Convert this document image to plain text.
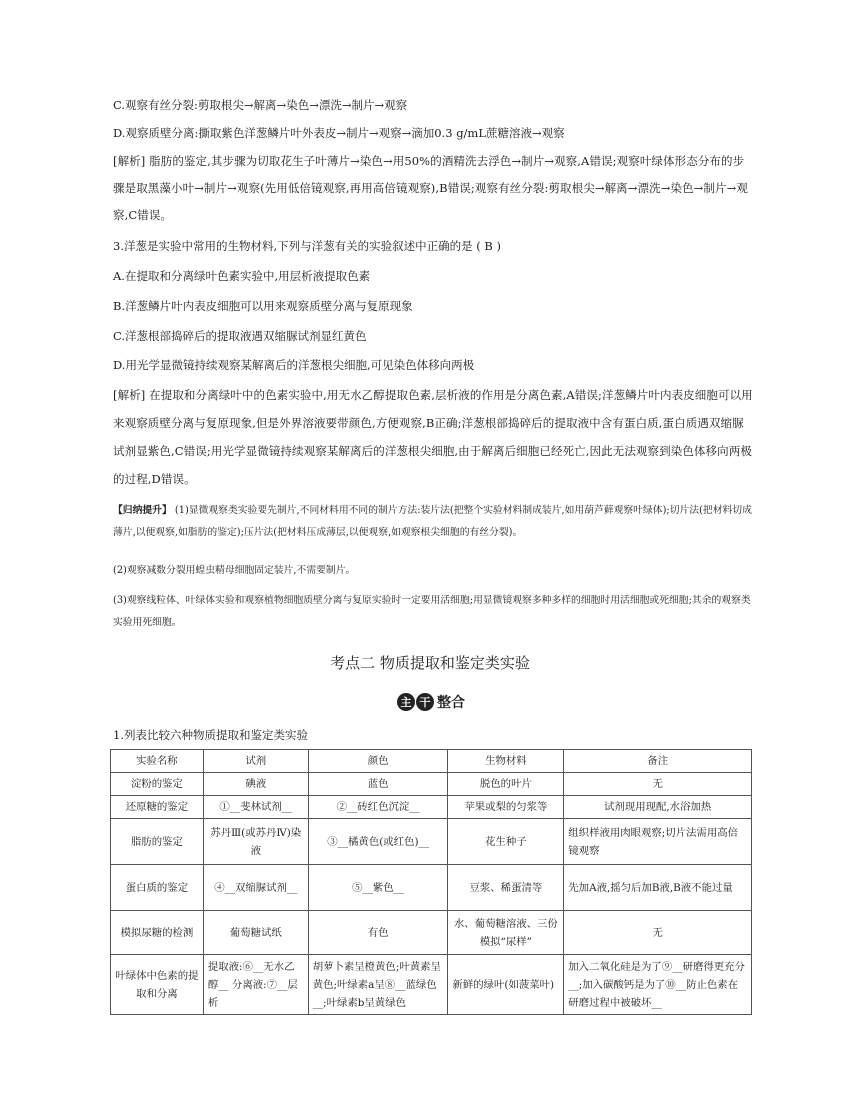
C.观察有丝分裂:剪取根尖→解离→染色→漂洗→制片→观察
D.观察质壁分离:撕取紫色洋葱鳞片叶外表皮→制片→观察→滴加0.3 g/mL蔗糖溶液→观察
[解析] 脂肪的鉴定,其步骤为切取花生子叶薄片→染色→用50%的酒精洗去浮色→制片→观察,A错误;观察叶绿体形态分布的步骤是取黑藻小叶→制片→观察(先用低倍镜观察,再用高倍镜观察),B错误;观察有丝分裂:剪取根尖→解离→漂洗→染色→制片→观察,C错误。
3.洋葱是实验中常用的生物材料,下列与洋葱有关的实验叙述中正确的是 ( B )
A.在提取和分离绿叶色素实验中,用层析液提取色素
B.洋葱鳞片叶内表皮细胞可以用来观察质壁分离与复原现象
C.洋葱根部捣碎后的提取液遇双缩脲试剂显红黄色
D.用光学显微镜持续观察某解离后的洋葱根尖细胞,可见染色体移向两极
[解析] 在提取和分离绿叶中的色素实验中,用无水乙醇提取色素,层析液的作用是分离色素,A错误;洋葱鳞片叶内表皮细胞可以用来观察质壁分离与复原现象,但是外界溶液要带颜色,方便观察,B正确;洋葱根部捣碎后的提取液中含有蛋白质,蛋白质遇双缩脲试剂显紫色,C错误;用光学显微镜持续观察某解离后的洋葱根尖细胞,由于解离后细胞已经死亡,因此无法观察到染色体移向两极的过程,D错误。
【归纳提升】 (1)显微观察类实验要先制片,不同材料用不同的制片方法:装片法(把整个实验材料制成装片,如用葫芦藓观察叶绿体);切片法(把材料切成薄片,以便观察,如脂肪的鉴定);压片法(把材料压成薄层,以便观察,如观察根尖细胞的有丝分裂)。
(2)观察减数分裂用蝗虫精母细胞固定装片,不需要制片。
(3)观察线粒体、叶绿体实验和观察植物细胞质壁分离与复原实验时一定要用活细胞;用显微镜观察多种多样的细胞时用活细胞或死细胞;其余的观察类实验用死细胞。
考点二 物质提取和鉴定类实验
主 干 整合
1.列表比较六种物质提取和鉴定类实验
实验名称	试剂	颜色	生物材料	备注
淀粉的鉴定	碘液	蓝色	脱色的叶片	无
还原糖的鉴定	①__斐林试剂__	②__砖红色沉淀__	苹果或梨的匀浆等	试剂现用现配,水浴加热
脂肪的鉴定	苏丹Ⅲ(或苏丹Ⅳ)染液	③__橘黄色(或红色)__	花生种子	组织样液用肉眼观察;切片法需用高倍镜观察
蛋白质的鉴定	④__双缩脲试剂__	⑤__紫色__	豆浆、稀蛋清等	先加A液,摇匀后加B液,B液不能过量
模拟尿糖的检测	葡萄糖试纸	有色	水、葡萄糖溶液、三份模拟“尿样”	无
叶绿体中色素的提取和分离	提取液:⑥__无水乙醇__ 分离液:⑦__层析	胡萝卜素呈橙黄色;叶黄素呈黄色;叶绿素a呈⑧__蓝绿色__;叶绿素b呈黄绿色	新鲜的绿叶(如菠菜叶)	加入二氧化硅是为了⑨__研磨得更充分__;加入碳酸钙是为了⑩__防止色素在研磨过程中被破坏__
